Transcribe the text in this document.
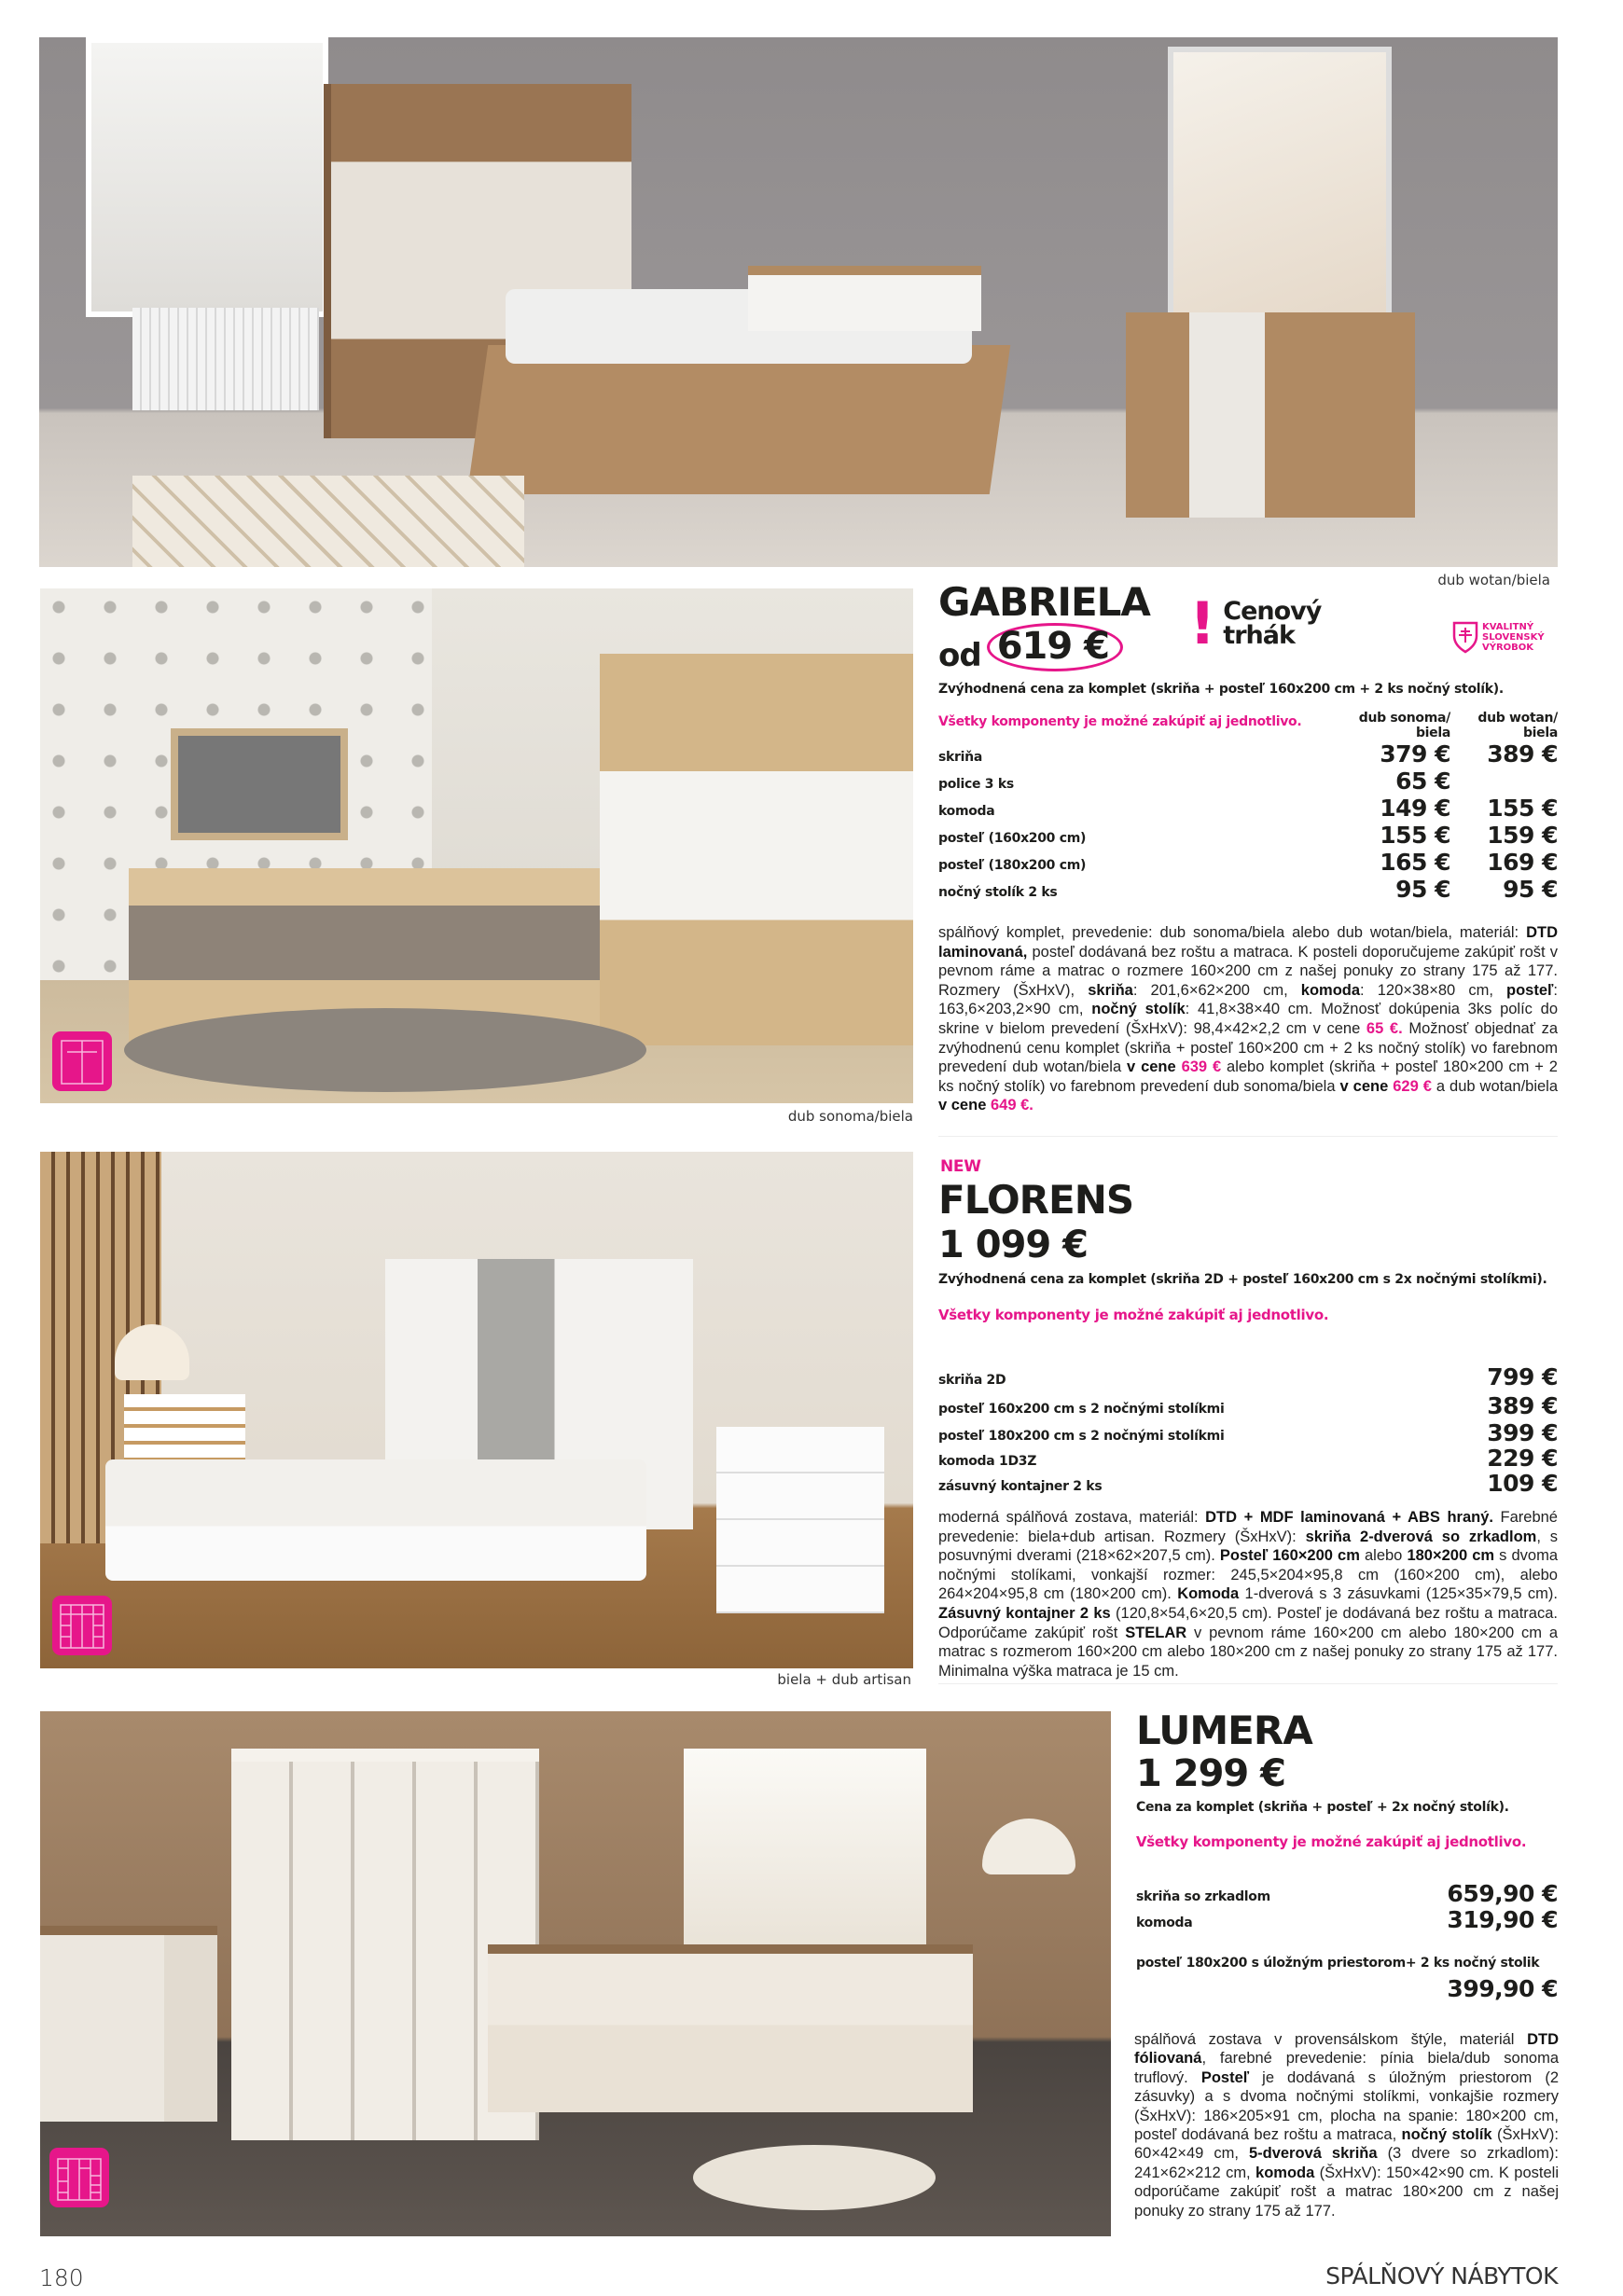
dub wotan/biela
dub sonoma/biela
GABRIELA
od 619 € ! Cenový
trhák	KVALITNÝ
SLOVENSKÝ
VÝROBOK
Zvýhodnená cena za komplet (skriňa + posteľ 160x200 cm + 2 ks nočný stolík).
Všetky komponenty je možné zakúpiť aj jednotlivo.	dub sonoma/ biela
dub wotan/ biela
skriňa	379 €	389 €
police 3 ks	65 €
komoda	149 €	155 €
posteľ (160x200 cm)	155 €	159 €
posteľ (180x200 cm)	165 €	169 €
nočný stolík 2 ks	95 €	95 €
spálňový komplet, prevedenie: dub sonoma/biela alebo dub wotan/biela, materiál: DTD laminovaná, posteľ dodávaná bez roštu a matraca. K posteli doporučujeme zakúpiť rošt v pevnom ráme a matrac o rozmere 160×200 cm z našej ponuky zo strany 175 až 177. Rozmery (ŠxHxV), skriňa: 201,6×62×200 cm, komoda: 120×38×80 cm, posteľ: 163,6×203,2×90 cm, nočný stolík: 41,8×38×40 cm. Možnosť dokúpenia 3ks políc do skrine v bielom prevedení (ŠxHxV): 98,4×42×2,2 cm v cene 65 €. Možnosť objednať za zvýhodnenú cenu komplet (skriňa + posteľ 160×200 cm + 2 ks nočný stolík) vo farebnom prevedení dub wotan/biela v cene 639 € alebo komplet (skriňa + posteľ 180×200 cm + 2 ks nočný stolík) vo farebnom prevedení dub sonoma/biela v cene 629 € a dub wotan/biela v cene 649 €.
biela + dub artisan
NEW
FLORENS
1 099 €
Zvýhodnená cena za komplet (skriňa 2D + posteľ 160x200 cm s 2x nočnými stolíkmi).
Všetky komponenty je možné zakúpiť aj jednotlivo.
skriňa 2D	799 €
posteľ 160x200 cm s 2 nočnými stolíkmi	389 €
posteľ 180x200 cm s 2 nočnými stolíkmi	399 €
komoda 1D3Z	229 €
zásuvný kontajner 2 ks	109 €
moderná spálňová zostava, materiál: DTD + MDF laminovaná + ABS hraný. Farebné prevedenie: biela+dub artisan. Rozmery (ŠxHxV): skriňa 2-dverová so zrkadlom, s posuvnými dverami (218×62×207,5 cm). Posteľ 160×200 cm alebo 180×200 cm s dvoma nočnými stolíkami, vonkajší rozmer: 245,5×204×95,8 cm (160×200 cm), alebo 264×204×95,8 cm (180×200 cm). Komoda 1-dverová s 3 zásuvkami (125×35×79,5 cm). Zásuvný kontajner 2 ks (120,8×54,6×20,5 cm). Posteľ je dodávaná bez roštu a matraca. Odporúčame zakúpiť rošt STELAR v pevnom ráme 160×200 cm alebo 180×200 cm a matrac s rozmerom 160×200 cm alebo 180×200 cm z našej ponuky zo strany 175 až 177. Minimalna výška matraca je 15 cm.
LUMERA
1 299 €
Cena za komplet (skriňa + posteľ + 2x nočný stolík).
Všetky komponenty je možné zakúpiť aj jednotlivo.
skriňa so zrkadlom	659,90 €
komoda	319,90 €
posteľ 180x200 s úložným priestorom+ 2 ks nočný stolik
399,90 €
spálňová zostava v provensálskom štýle, materiál DTD fóliovaná, farebné prevedenie: pínia biela/dub sonoma truflový. Posteľ je dodávaná s úložným priestorom (2 zásuvky) a s dvoma nočnými stolíkmi, vonkajšie rozmery (ŠxHxV): 186×205×91 cm, plocha na spanie: 180×200 cm, posteľ dodávaná bez roštu a matraca, nočný stolík (ŠxHxV): 60×42×49 cm, 5-dverová skriňa (3 dvere so zrkadlom): 241×62×212 cm, komoda (ŠxHxV): 150×42×90 cm. K posteli odporúčame zakúpiť rošt a matrac 180×200 cm z našej ponuky zo strany 175 až 177.
180	SPÁLŇOVÝ NÁBYTOK
